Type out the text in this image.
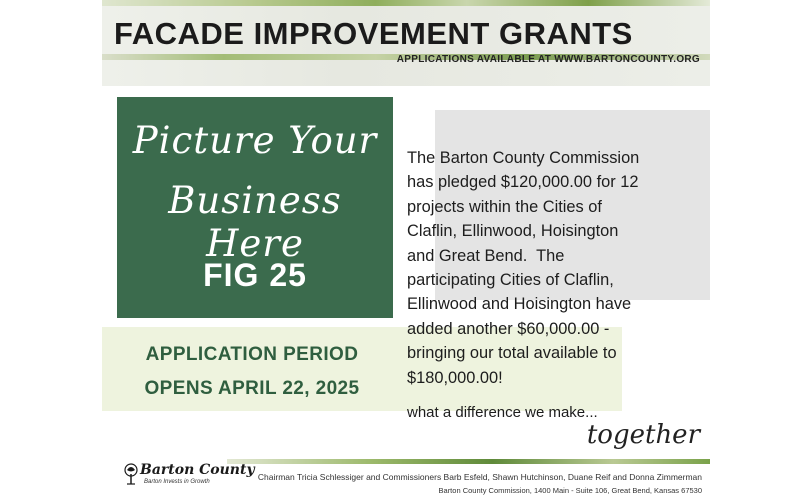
FACADE IMPROVEMENT GRANTS
APPLICATIONS AVAILABLE AT WWW.BARTONCOUNTY.ORG
Picture Your
Business Here
FIG 25
APPLICATION PERIOD
OPENS APRIL 22, 2025
The Barton County Commission
has pledged $120,000.00 for 12
projects within the Cities of
Claflin, Ellinwood, Hoisington
and Great Bend.  The
participating Cities of Claflin,
Ellinwood and Hoisington have
added another $60,000.00 -
bringing our total available to
$180,000.00!
what a difference we make...
together
Barton County
Barton Invests in Growth	Chairman Tricia Schlessiger and Commissioners Barb Esfeld, Shawn Hutchinson, Duane Reif and Donna Zimmerman
Barton County Commission, 1400 Main - Suite 106, Great Bend, Kansas 67530
